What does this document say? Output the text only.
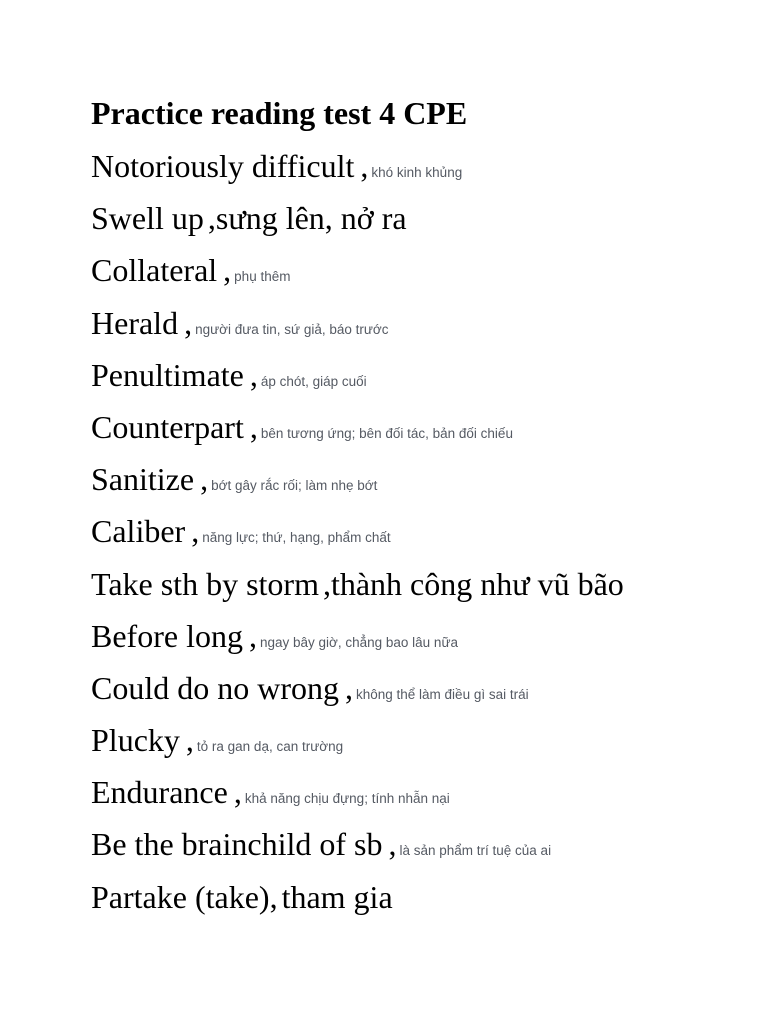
Practice reading test 4 CPE
Notoriously difficult , khó kinh khủng
Swell up ,sưng lên, nở ra
Collateral , phụ thêm
Herald , người đưa tin, sứ giả, báo trước
Penultimate , áp chót, giáp cuối
Counterpart , bên tương ứng; bên đối tác, bản đối chiếu
Sanitize , bớt gây rắc rối; làm nhẹ bớt
Caliber , năng lực; thứ, hạng, phẩm chất
Take sth by storm ,thành công như vũ bão
Before long , ngay bây giờ, chẳng bao lâu nữa
Could do no wrong , không thể làm điều gì sai trái
Plucky , tỏ ra gan dạ, can trường
Endurance , khả năng chịu đựng; tính nhẫn nại
Be the brainchild of sb , là sản phẩm trí tuệ của ai
Partake (take), tham gia
